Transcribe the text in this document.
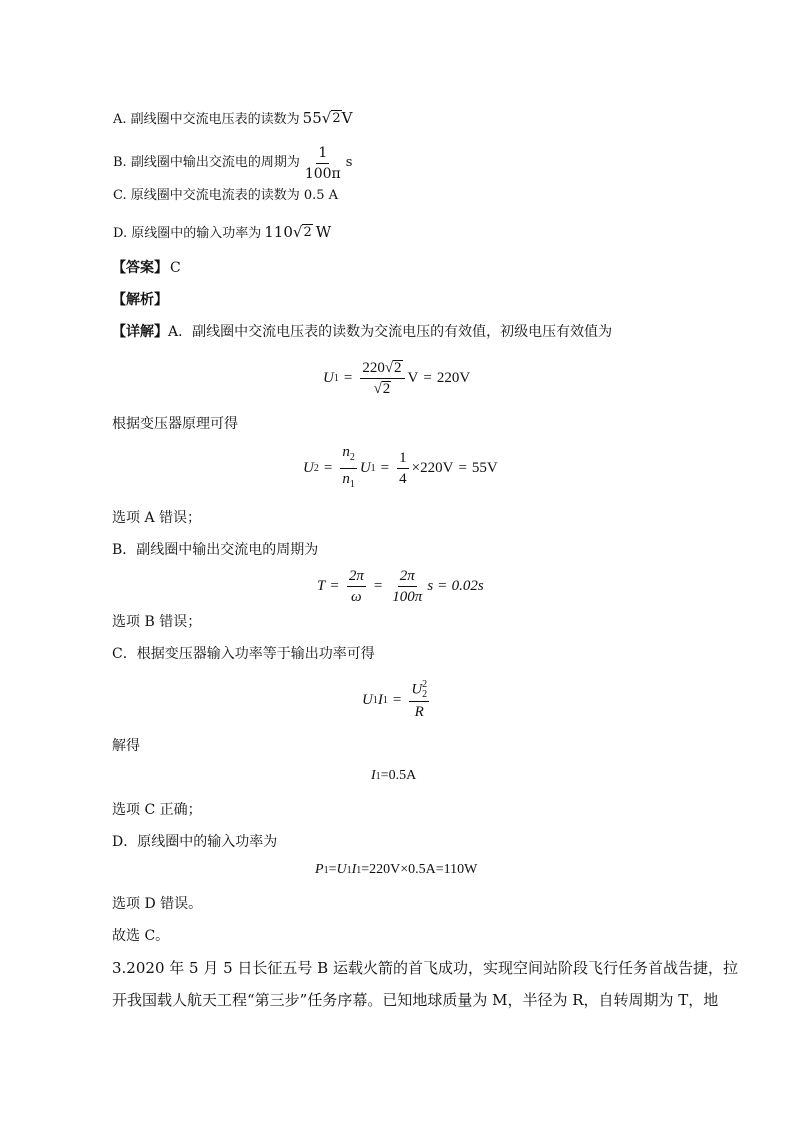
A. 副线圈中交流电压表的读数为 55 √ 2 V
B. 副线圈中输出交流电的周期为 $\frac{1}{100\pi}$ s
C. 原线圈中交流电流表的读数为 0.5 A
D. 原线圈中的输入功率为 110 √ 2 W
【答案】 C
【解析】
【详解】A．副线圈中交流电压表的读数为交流电压的有效值，初级电压有效值为
U $1 = \frac{220 √ 2}{√ 2}$ V = 220V
根据变压器原理可得
U $2 = \frac{n_2}{n_1}$ U $1 = \frac{1}{4} \times 220V = 55V$
选项 A 错误；
B．副线圈中输出交流电的周期为
$T = \frac{2\pi}{\omega} = \frac{2\pi}{100\pi}$ s = 0.02s
选项 B 错误；
C．根据变压器输入功率等于输出功率可得
U 1 I 1 = U 2
2
R
解得
I 1 =0.5A
选项 C 正确；
D．原线圈中的输入功率为
P 1 = U 1 I 1 =220V×0.5A=110W
选项 D 错误。
故选 C。
3.2020 年 5 月 5 日长征五号 B 运载火箭的首飞成功，实现空间站阶段飞行任务首战告捷，拉
开我国载人航天工程“第三步”任务序幕。已知地球质量为 M，半径为 R，自转周期为 T，地
